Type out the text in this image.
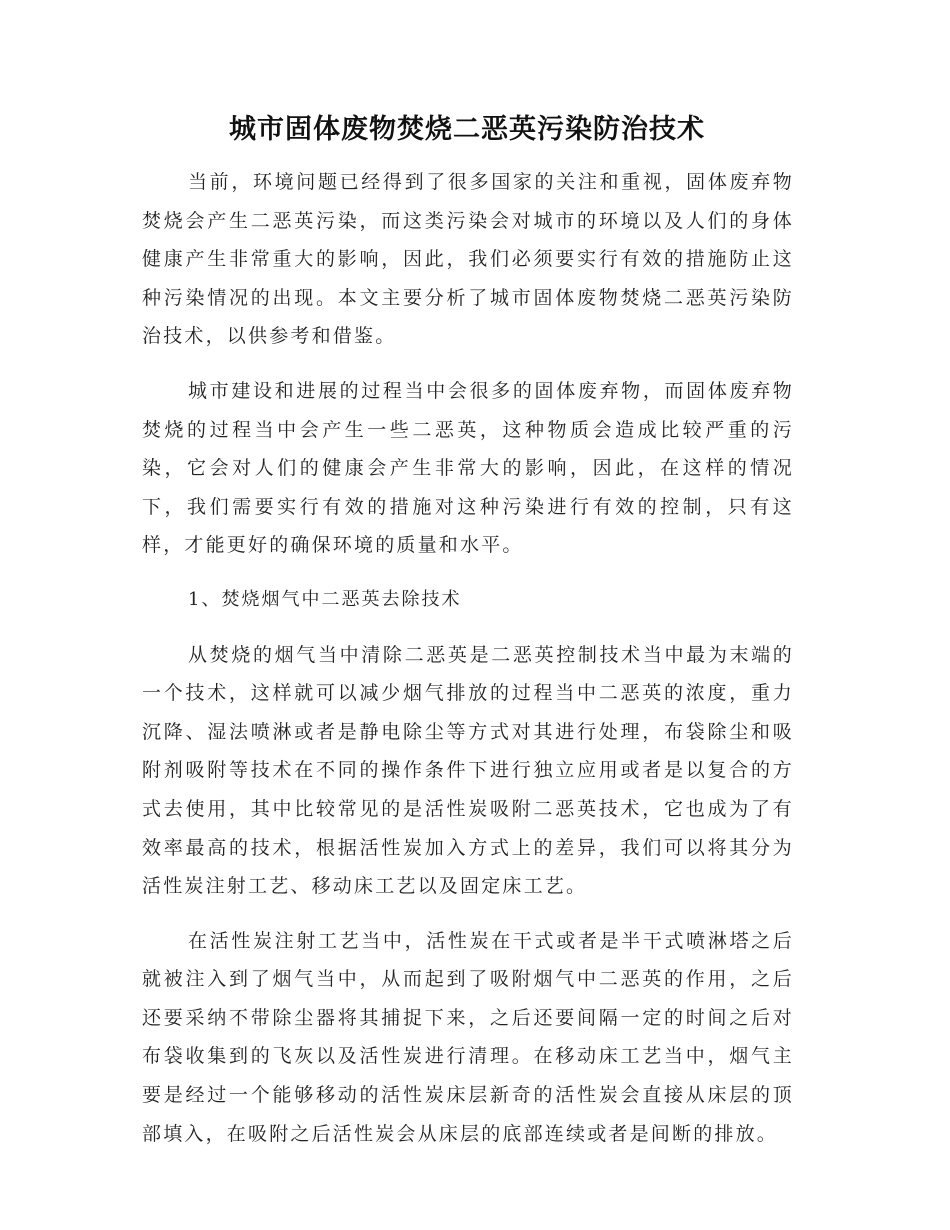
城市固体废物焚烧二恶英污染防治技术

当前，环境问题已经得到了很多国家的关注和重视，固体废弃物焚烧会产生二恶英污染，而这类污染会对城市的环境以及人们的身体健康产生非常重大的影响，因此，我们必须要实行有效的措施防止这种污染情况的出现。本文主要分析了城市固体废物焚烧二恶英污染防治技术，以供参考和借鉴。

城市建设和进展的过程当中会很多的固体废弃物，而固体废弃物焚烧的过程当中会产生一些二恶英，这种物质会造成比较严重的污染，它会对人们的健康会产生非常大的影响，因此，在这样的情况下，我们需要实行有效的措施对这种污染进行有效的控制，只有这样，才能更好的确保环境的质量和水平。

1、焚烧烟气中二恶英去除技术

从焚烧的烟气当中清除二恶英是二恶英控制技术当中最为末端的一个技术，这样就可以减少烟气排放的过程当中二恶英的浓度，重力沉降、湿法喷淋或者是静电除尘等方式对其进行处理，布袋除尘和吸附剂吸附等技术在不同的操作条件下进行独立应用或者是以复合的方式去使用，其中比较常见的是活性炭吸附二恶英技术，它也成为了有效率最高的技术，根据活性炭加入方式上的差异，我们可以将其分为活性炭注射工艺、移动床工艺以及固定床工艺。

在活性炭注射工艺当中，活性炭在干式或者是半干式喷淋塔之后就被注入到了烟气当中，从而起到了吸附烟气中二恶英的作用，之后还要采纳不带除尘器将其捕捉下来，之后还要间隔一定的时间之后对布袋收集到的飞灰以及活性炭进行清理。在移动床工艺当中，烟气主要是经过一个能够移动的活性炭床层新奇的活性炭会直接从床层的顶部填入，在吸附之后活性炭会从床层的底部连续或者是间断的排放。
